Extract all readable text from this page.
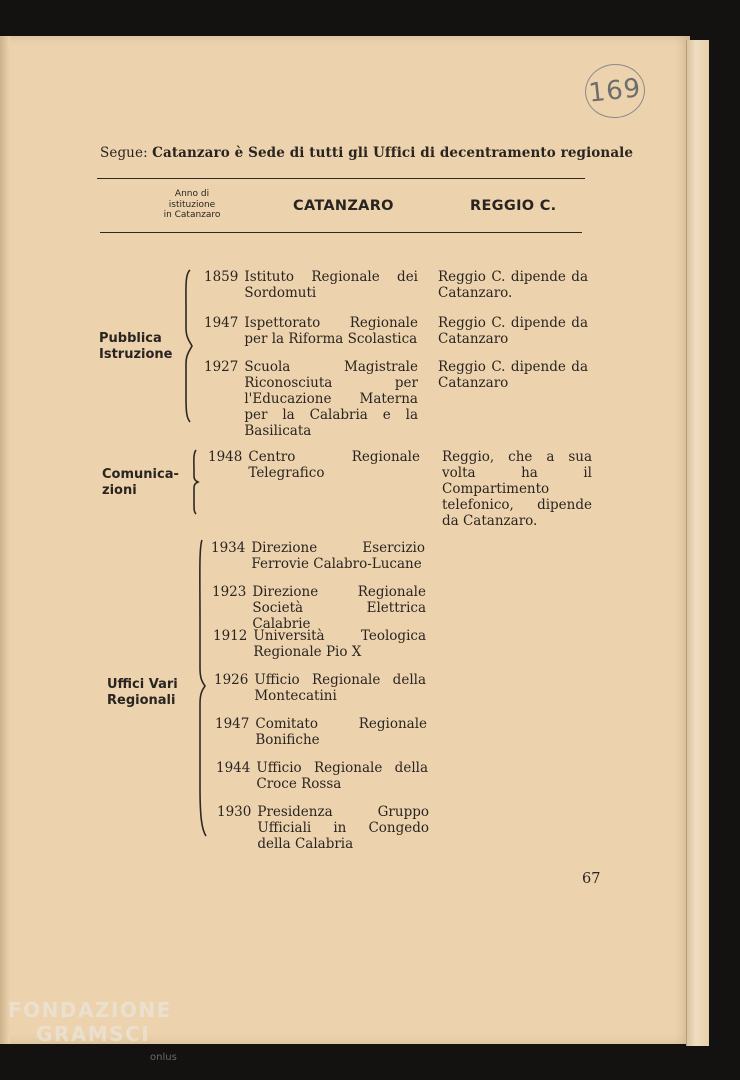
169
Segue: Catanzaro è Sede di tutti gli Uffici di decentramento regionale
Anno di
istituzione
in Catanzaro
CATANZARO	REGGIO C.
Pubblica
Istruzione
1859 Istituto Regionale dei Sordomuti
Reggio C. dipende da Catanzaro.
1947 Ispettorato Regionale per la Riforma Scolastica
Reggio C. dipende da Catanzaro
1927 Scuola Magistrale Riconosciuta per l'Educazione Materna per la Calabria e la Basilicata
Reggio C. dipende da Catanzaro
Comunica-
zioni
1948 Centro Regionale Telegrafico
Reggio, che a sua volta ha il Compartimento telefonico, dipende da Catanzaro.
Uffici Vari
Regionali
1934 Direzione Esercizio Ferrovie Calabro-Lucane
1923 Direzione Regionale Società Elettrica Calabrie
1912 Università Teologica Regionale Pio X
1926 Ufficio Regionale della Montecatini
1947 Comitato Regionale Bonifiche
1944 Ufficio Regionale della Croce Rossa
1930 Presidenza Gruppo Ufficiali in Congedo della Calabria
67
FONDAZIONE
GRAMSCI
onlus
